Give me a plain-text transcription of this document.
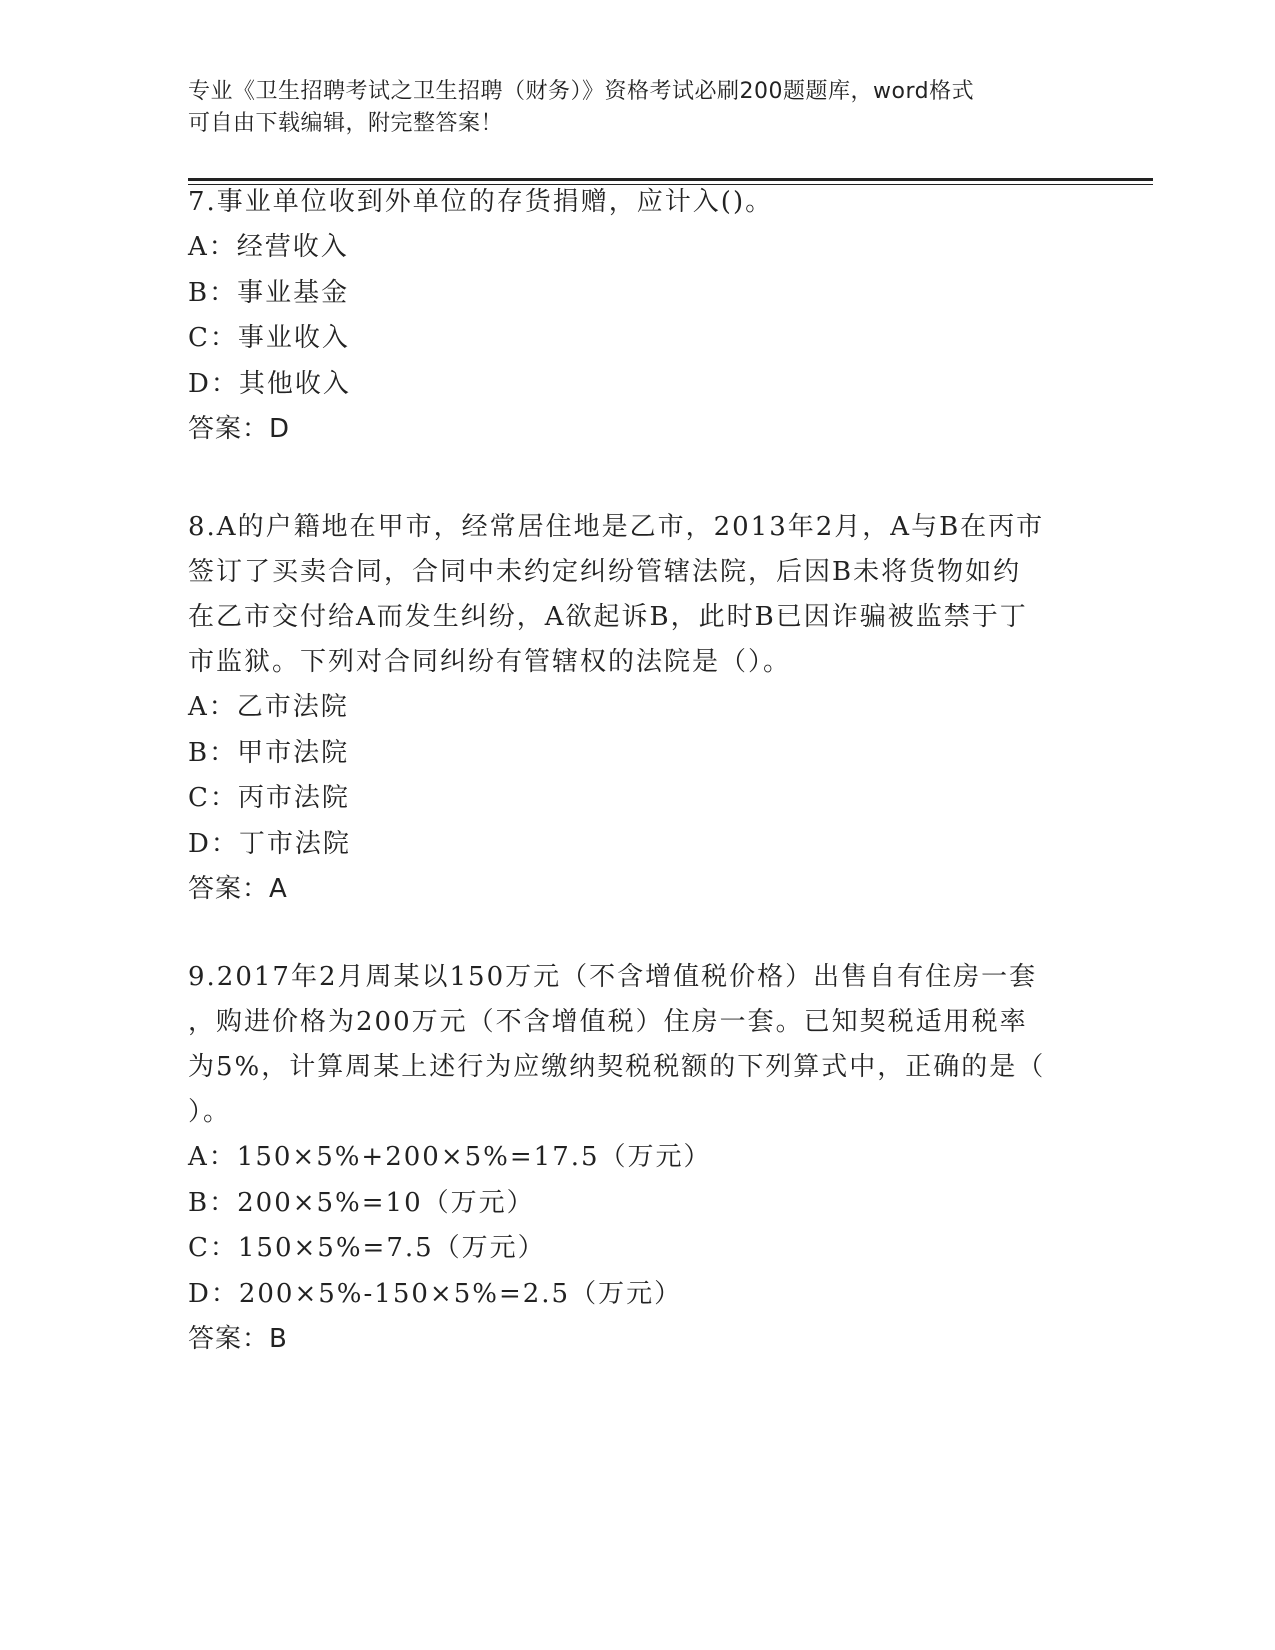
专业《卫生招聘考试之卫生招聘（财务）》资格考试必刷200题题库，word格式
可自由下载编辑，附完整答案！

7.事业单位收到外单位的存货捐赠，应计入()。

A：经营收入

B：事业基金

C：事业收入

D：其他收入

答案：D

8.A的户籍地在甲市，经常居住地是乙市，2013年2月，A与B在丙市

签订了买卖合同，合同中未约定纠纷管辖法院，后因B未将货物如约

在乙市交付给A而发生纠纷，A欲起诉B，此时B已因诈骗被监禁于丁

市监狱。下列对合同纠纷有管辖权的法院是（）。

A：乙市法院

B：甲市法院

C：丙市法院

D：丁市法院

答案：A

9.2017年2月周某以150万元（不含增值税价格）出售自有住房一套

，购进价格为200万元（不含增值税）住房一套。已知契税适用税率

为5%，计算周某上述行为应缴纳契税税额的下列算式中，正确的是（

）。

A：150×5%+200×5%=17.5（万元）

B：200×5%=10（万元）

C：150×5%=7.5（万元）

D：200×5%-150×5%=2.5（万元）

答案：B
